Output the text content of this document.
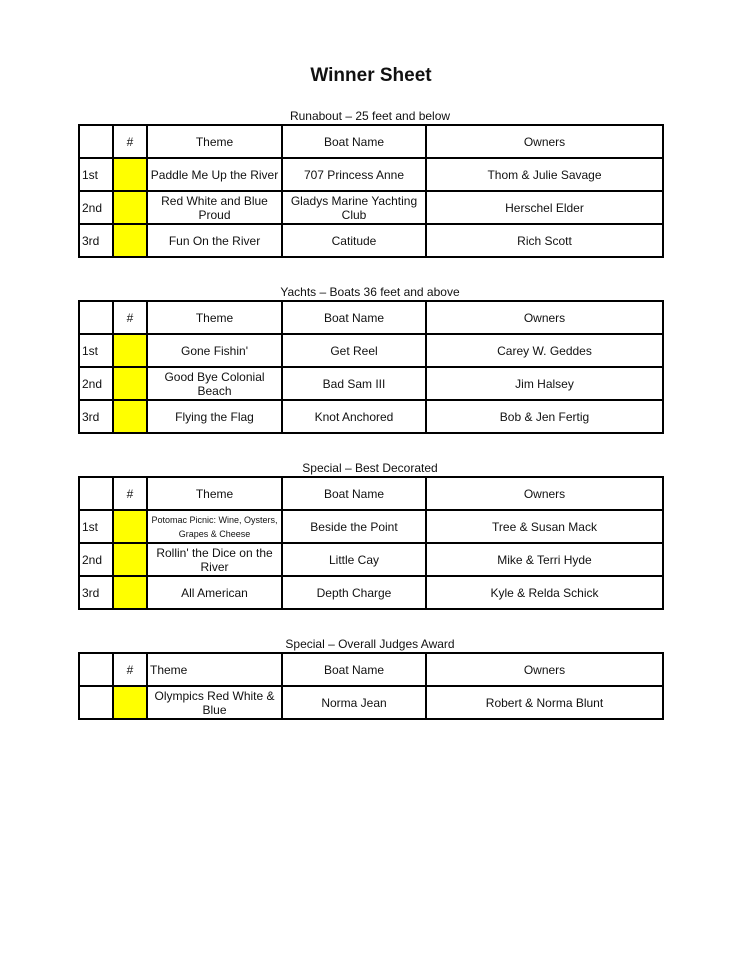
Winner Sheet
Runabout – 25 feet and below
	#	Theme	Boat Name	Owners
1st		Paddle Me Up the River	707 Princess Anne	Thom & Julie Savage
2nd		Red White and Blue Proud	Gladys Marine Yachting Club	Herschel Elder
3rd		Fun On the River	Catitude	Rich Scott
Yachts – Boats 36 feet and above
	#	Theme	Boat Name	Owners
1st		Gone Fishin'	Get Reel	Carey W. Geddes
2nd		Good Bye Colonial Beach	Bad Sam III	Jim Halsey
3rd		Flying the Flag	Knot Anchored	Bob & Jen Fertig
Special – Best Decorated
	#	Theme	Boat Name	Owners
1st		Potomac Picnic: Wine, Oysters, Grapes & Cheese	Beside the Point	Tree & Susan Mack
2nd		Rollin' the Dice on the River	Little Cay	Mike & Terri Hyde
3rd		All American	Depth Charge	Kyle & Relda Schick
Special – Overall Judges Award
	#	Theme	Boat Name	Owners
		Olympics Red White & Blue	Norma Jean	Robert & Norma Blunt
